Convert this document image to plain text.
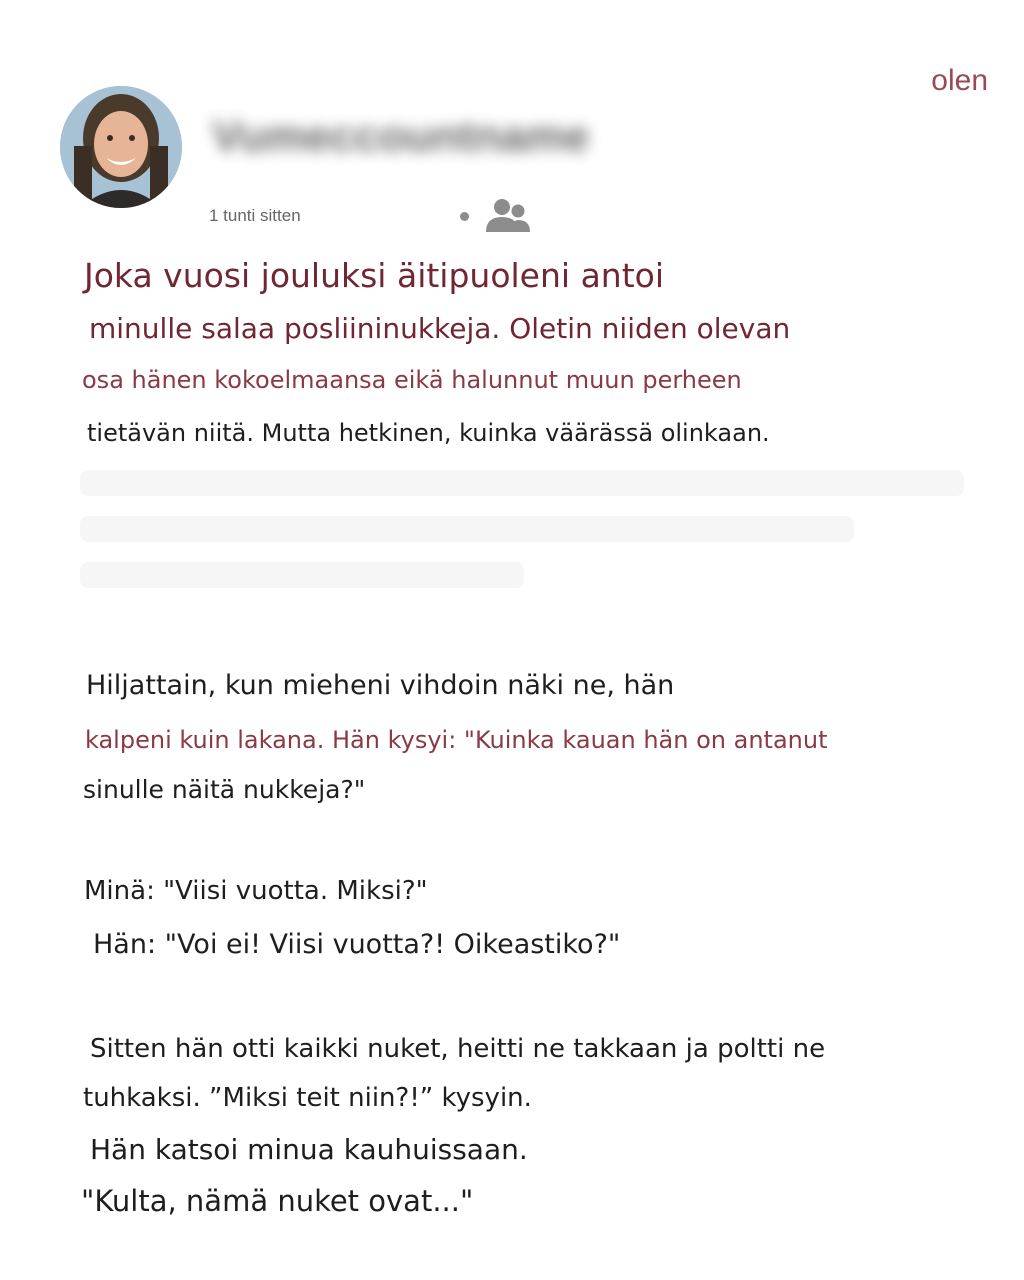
Vumeccountname
1 tunti sitten
olen
Joka vuosi jouluksi äitipuoleni antoi
minulle salaa posliininukkeja. Oletin niiden olevan
osa hänen kokoelmaansa eikä halunnut muun perheen
tietävän niitä. Mutta hetkinen, kuinka väärässä olinkaan.
Hiljattain, kun mieheni vihdoin näki ne, hän
kalpeni kuin lakana. Hän kysyi: "Kuinka kauan hän on antanut
sinulle näitä nukkeja?"
Minä: "Viisi vuotta. Miksi?"
Hän: "Voi ei! Viisi vuotta?! Oikeastiko?"
Sitten hän otti kaikki nuket, heitti ne takkaan ja poltti ne
tuhkaksi. ”Miksi teit niin?!” kysyin.
Hän katsoi minua kauhuissaan.
"Kulta, nämä nuket ovat..."
